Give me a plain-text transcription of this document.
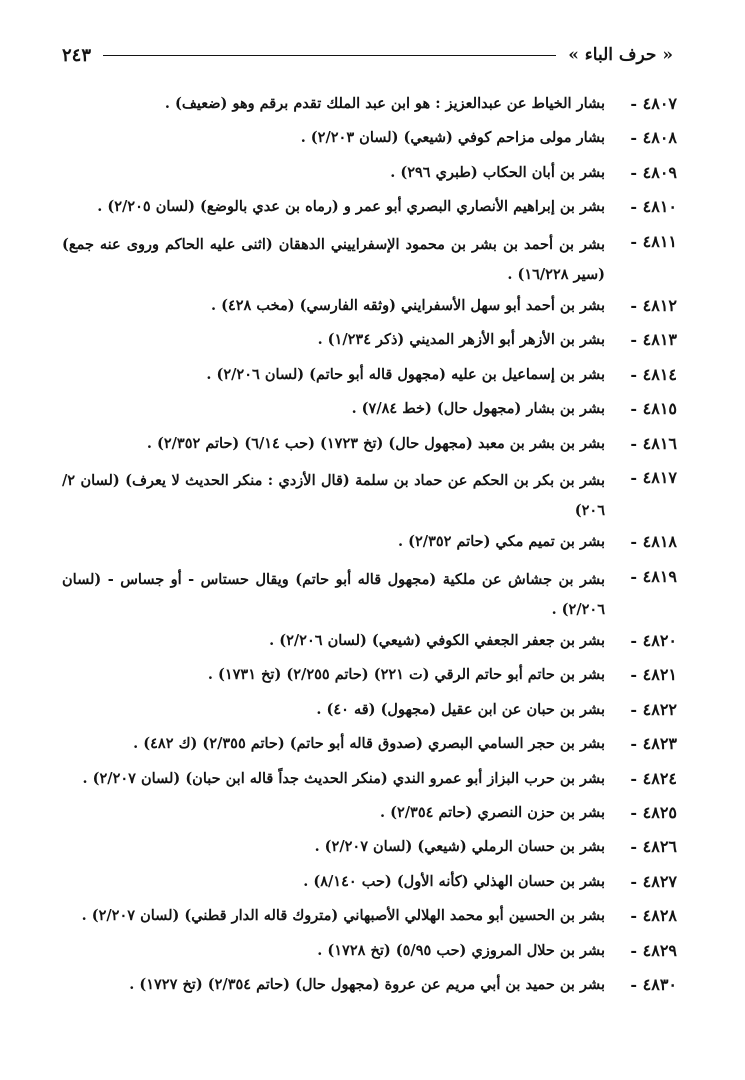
« حرف الباء »
٢٤٣
٤٨٠٧ -
بشار الخياط عن عبدالعزيز : هو ابن عبد الملك تقدم برقم وهو (ضعيف) .
٤٨٠٨ -
بشار مولى مزاحم كوفي (شيعي) (لسان ٢/٢٠٣) .
٤٨٠٩ -
بشر بن أبان الحكاب (طبري ٢٩٦) .
٤٨١٠ -
بشر بن إبراهيم الأنصاري البصري أبو عمر و (رماه بن عدي بالوضع) (لسان ٢/٢٠٥) .
٤٨١١ -
بشر بن أحمد بن بشر بن محمود الإسفراييني الدهقان (اثنى عليه الحاكم وروى عنه جمع) (سير ١٦/٢٢٨) .
٤٨١٢ -
بشر بن أحمد أبو سهل الأسفرايني (وثقه الفارسي) (مخب ٤٢٨) .
٤٨١٣ -
بشر بن الأزهر أبو الأزهر المديني (ذكر ١/٢٣٤) .
٤٨١٤ -
بشر بن إسماعيل بن عليه (مجهول قاله أبو حاتم) (لسان ٢/٢٠٦) .
٤٨١٥ -
بشر بن بشار (مجهول حال) (خط ٧/٨٤) .
٤٨١٦ -
بشر بن بشر بن معبد (مجهول حال) (تخ ١٧٢٣) (حب ٦/١٤) (حاتم ٢/٣٥٢) .
٤٨١٧ -
بشر بن بكر بن الحكم عن حماد بن سلمة (قال الأزدي : منكر الحديث لا يعرف) (لسان ٢/ ٢٠٦)
٤٨١٨ -
بشر بن تميم مكي (حاتم ٢/٣٥٢) .
٤٨١٩ -
بشر بن جشاش عن ملكية (مجهول قاله أبو حاتم) ويقال حستاس - أو جساس - (لسان ٢/٢٠٦) .
٤٨٢٠ -
بشر بن جعفر الجعفي الكوفي (شيعي) (لسان ٢/٢٠٦) .
٤٨٢١ -
بشر بن حاتم أبو حاتم الرقي (ت ٢٢١) (حاتم ٢/٢٥٥) (تخ ١٧٣١) .
٤٨٢٢ -
بشر بن حبان عن ابن عقيل (مجهول) (قه ٤٠) .
٤٨٢٣ -
بشر بن حجر السامي البصري (صدوق قاله أبو حاتم) (حاتم ٢/٣٥٥) (ك ٤٨٢) .
٤٨٢٤ -
بشر بن حرب البزاز أبو عمرو الندي (منكر الحديث جداً قاله ابن حبان) (لسان ٢/٢٠٧) .
٤٨٢٥ -
بشر بن حزن النصري (حاتم ٢/٣٥٤) .
٤٨٢٦ -
بشر بن حسان الرملي (شيعي) (لسان ٢/٢٠٧) .
٤٨٢٧ -
بشر بن حسان الهذلي (كأنه الأول) (حب ٨/١٤٠) .
٤٨٢٨ -
بشر بن الحسين أبو محمد الهلالي الأصبهاني (متروك قاله الدار قطني) (لسان ٢/٢٠٧) .
٤٨٢٩ -
بشر بن حلال المروزي (حب ٥/٩٥) (تخ ١٧٢٨) .
٤٨٣٠ -
بشر بن حميد بن أبي مريم عن عروة (مجهول حال) (حاتم ٢/٣٥٤) (تخ ١٧٢٧) .
